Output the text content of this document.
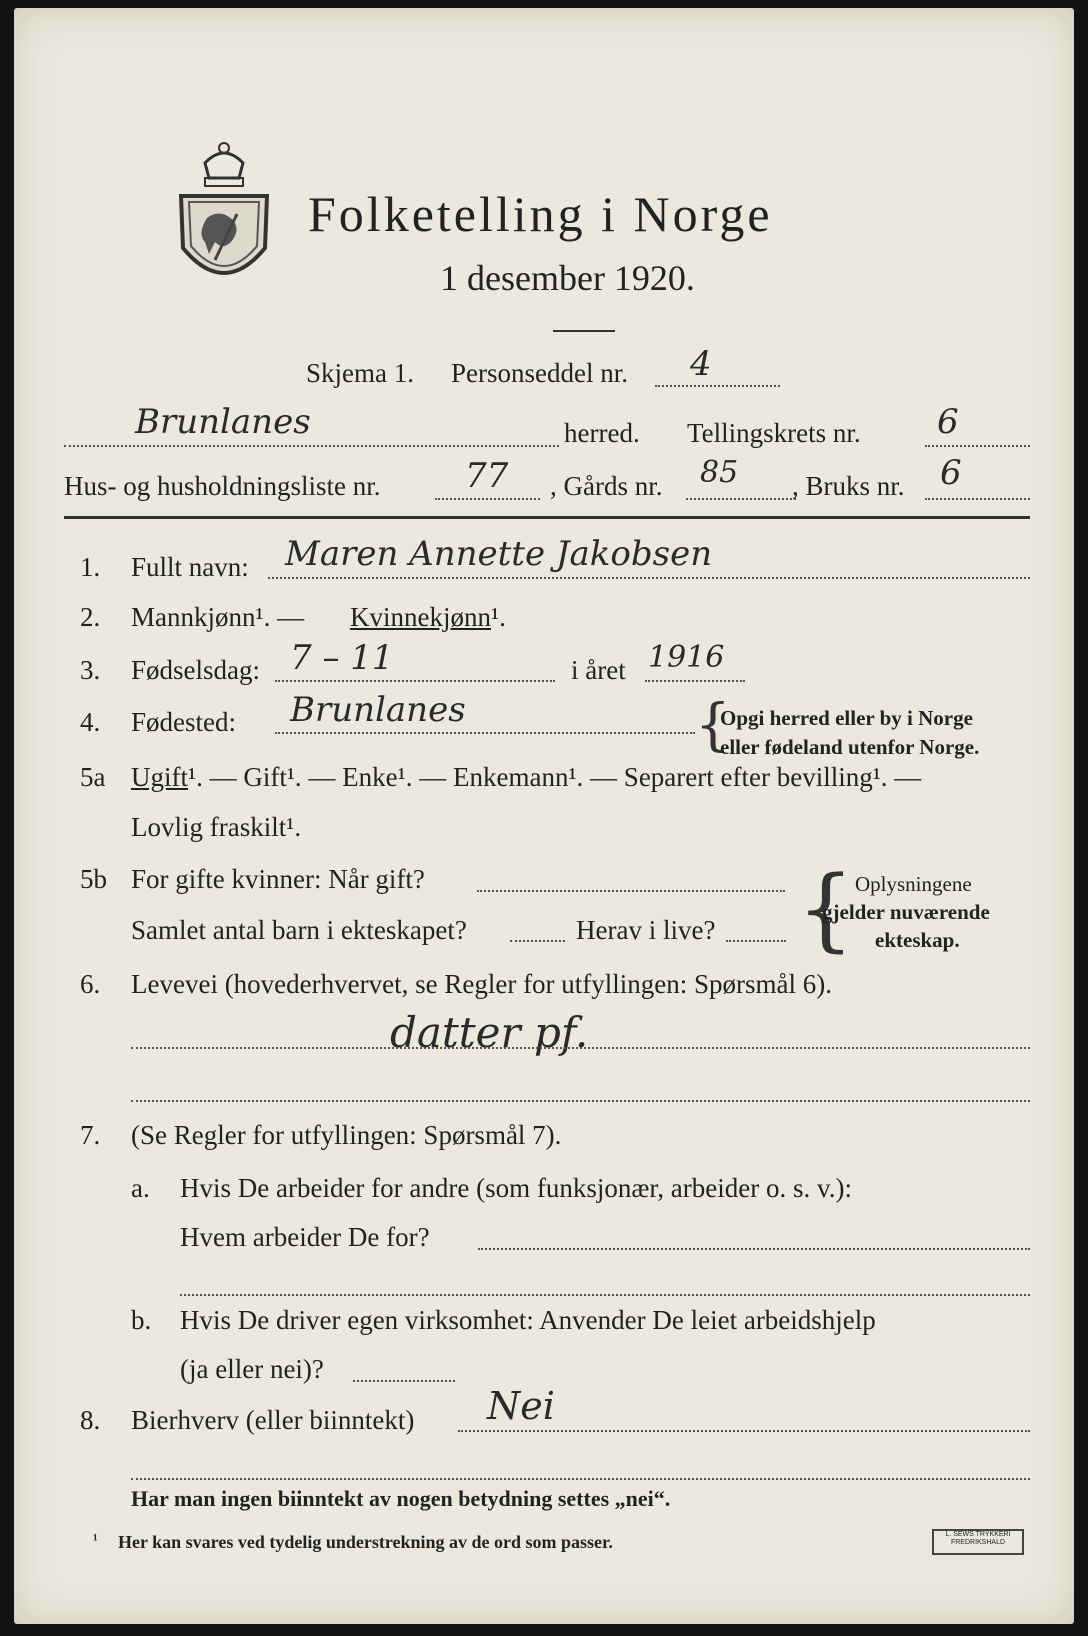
Folketelling i Norge
1 desember 1920.
Skjema 1. Personseddel nr. 4
Brunlanes	herred. Tellingskrets nr. 6
Hus- og husholdningsliste nr. 77 , Gårds nr. 85 , Bruks nr. 6
1. Fullt navn: Maren Annette Jakobsen
2. Mannkjønn¹. — Kvinnekjønn¹.
3. Fødselsdag: 7 – 11	i året 1916
4. Fødested: Brunlanes	{
Opgi herred eller by i Norge
eller fødeland utenfor Norge.
5a Ugift¹. — Gift¹. — Enke¹. — Enkemann¹. — Separert efter bevilling¹. —
Lovlig fraskilt¹.
5b For gifte kvinner: Når gift?
Samlet antal barn i ekteskapet?	Herav i live? { Oplysningene
gjelder nuværende
ekteskap.
6. Levevei (hovederhvervet, se Regler for utfyllingen: Spørsmål 6).
datter pf.
7. (Se Regler for utfyllingen: Spørsmål 7).
a. Hvis De arbeider for andre (som funksjonær, arbeider o. s. v.):
Hvem arbeider De for?
b. Hvis De driver egen virksomhet: Anvender De leiet arbeidshjelp
(ja eller nei)?
8. Bierhverv (eller biinntekt) Nei
Har man ingen biinntekt av nogen betydning settes „nei“.
¹ Her kan svares ved tydelig understrekning av de ord som passer.	L. SEWS TRYKKERI FREDRIKSHALD
